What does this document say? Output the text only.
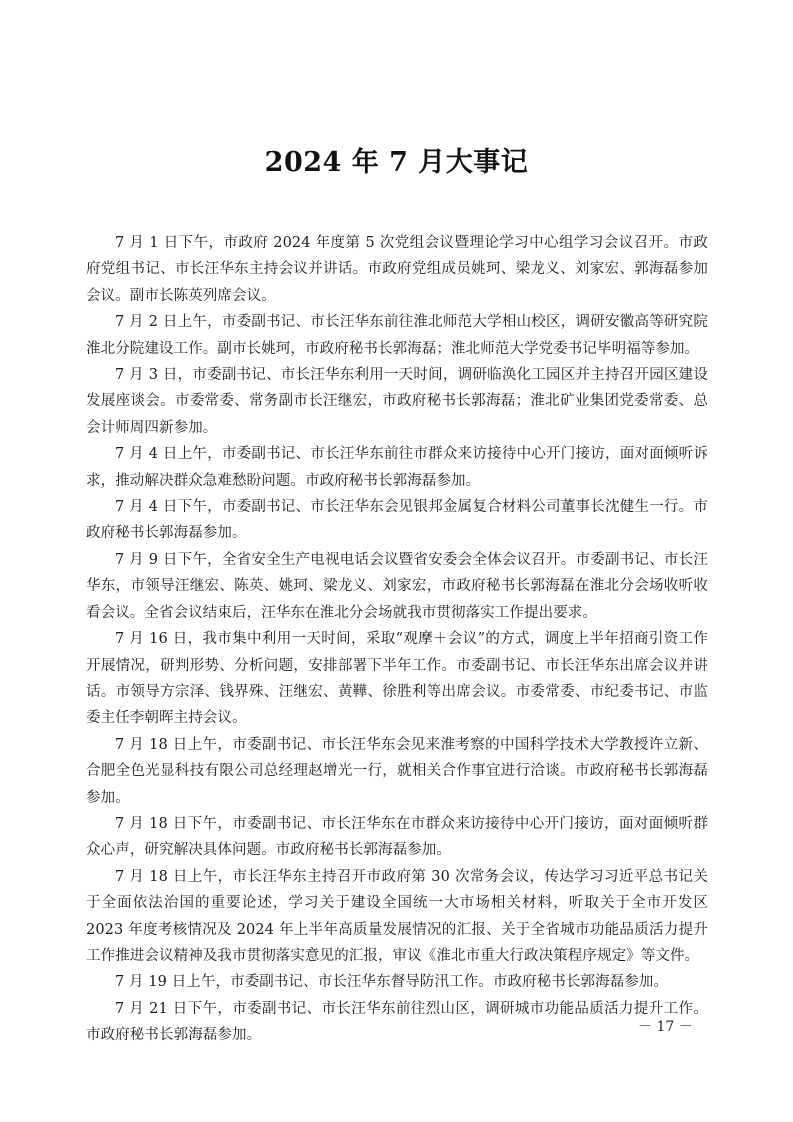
2024 年 7 月大事记

7 月 1 日下午，市政府 2024 年度第 5 次党组会议暨理论学习中心组学习会议召开。市政府党组书记、市长汪华东主持会议并讲话。市政府党组成员姚珂、梁龙义、刘家宏、郭海磊参加会议。副市长陈英列席会议。

7 月 2 日上午，市委副书记、市长汪华东前往淮北师范大学相山校区，调研安徽高等研究院淮北分院建设工作。副市长姚珂，市政府秘书长郭海磊；淮北师范大学党委书记毕明福等参加。

7 月 3 日，市委副书记、市长汪华东利用一天时间，调研临涣化工园区并主持召开园区建设发展座谈会。市委常委、常务副市长汪继宏，市政府秘书长郭海磊；淮北矿业集团党委常委、总会计师周四新参加。

7 月 4 日上午，市委副书记、市长汪华东前往市群众来访接待中心开门接访，面对面倾听诉求，推动解决群众急难愁盼问题。市政府秘书长郭海磊参加。

7 月 4 日下午，市委副书记、市长汪华东会见银邦金属复合材料公司董事长沈健生一行。市政府秘书长郭海磊参加。

7 月 9 日下午，全省安全生产电视电话会议暨省安委会全体会议召开。市委副书记、市长汪华东，市领导汪继宏、陈英、姚珂、梁龙义、刘家宏，市政府秘书长郭海磊在淮北分会场收听收看会议。全省会议结束后，汪华东在淮北分会场就我市贯彻落实工作提出要求。

7 月 16 日，我市集中利用一天时间，采取“观摩＋会议”的方式，调度上半年招商引资工作开展情况，研判形势、分析问题，安排部署下半年工作。市委副书记、市长汪华东出席会议并讲话。市领导方宗泽、钱界殊、汪继宏、黄鞾、徐胜利等出席会议。市委常委、市纪委书记、市监委主任李朝晖主持会议。

7 月 18 日上午，市委副书记、市长汪华东会见来淮考察的中国科学技术大学教授许立新、合肥全色光显科技有限公司总经理赵增光一行，就相关合作事宜进行洽谈。市政府秘书长郭海磊参加。

7 月 18 日下午，市委副书记、市长汪华东在市群众来访接待中心开门接访，面对面倾听群众心声，研究解决具体问题。市政府秘书长郭海磊参加。

7 月 18 日上午，市长汪华东主持召开市政府第 30 次常务会议，传达学习习近平总书记关于全面依法治国的重要论述，学习关于建设全国统一大市场相关材料，听取关于全市开发区 2023 年度考核情况及 2024 年上半年高质量发展情况的汇报、关于全省城市功能品质活力提升工作推进会议精神及我市贯彻落实意见的汇报，审议《淮北市重大行政决策程序规定》等文件。

7 月 19 日上午，市委副书记、市长汪华东督导防汛工作。市政府秘书长郭海磊参加。

7 月 21 日下午，市委副书记、市长汪华东前往烈山区，调研城市功能品质活力提升工作。市政府秘书长郭海磊参加。

－ 17 －
